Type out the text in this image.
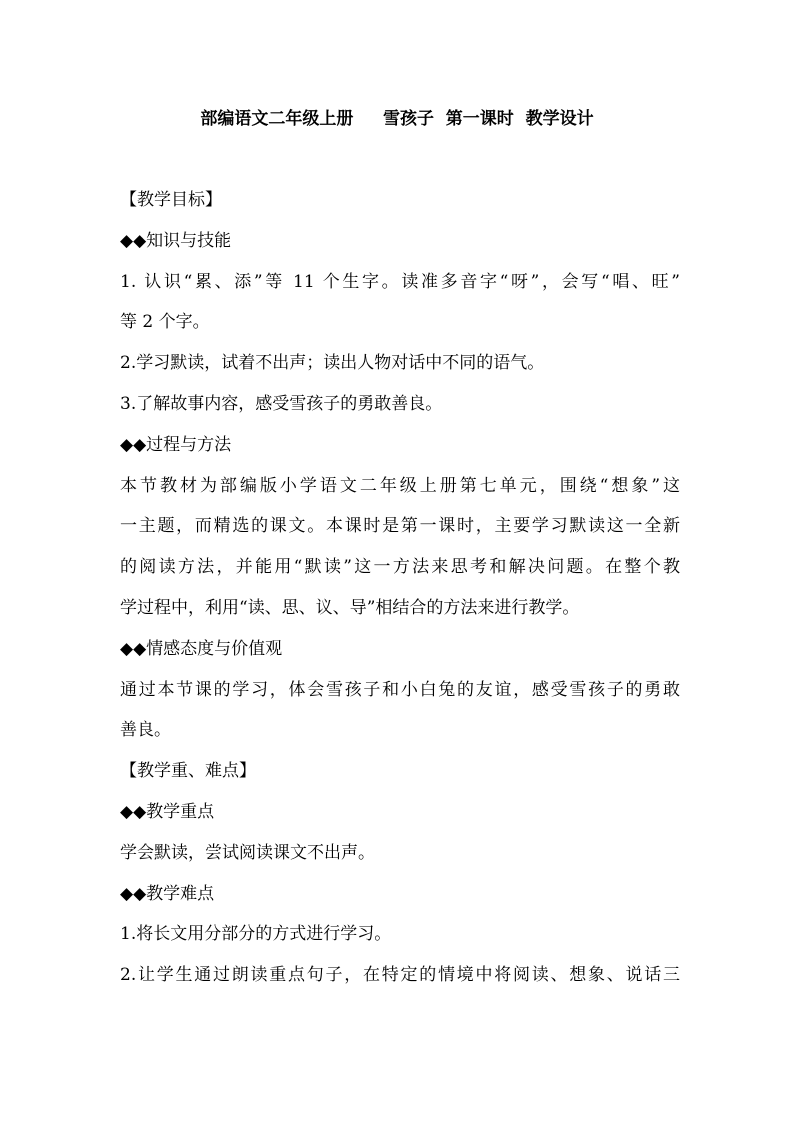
部编语文二年级上册     雪孩子  第一课时  教学设计
【教学目标】
◆◆知识与技能
1. 认识“累、添”等 11 个生字。读准多音字“呀”，会写“唱、旺”
等 2 个字。
2.学习默读，试着不出声；读出人物对话中不同的语气。
3.了解故事内容，感受雪孩子的勇敢善良。
◆◆过程与方法
本节教材为部编版小学语文二年级上册第七单元，围绕“想象”这
一主题，而精选的课文。本课时是第一课时，主要学习默读这一全新
的阅读方法，并能用“默读”这一方法来思考和解决问题。在整个教
学过程中，利用“读、思、议、导”相结合的方法来进行教学。
◆◆情感态度与价值观
通过本节课的学习，体会雪孩子和小白兔的友谊，感受雪孩子的勇敢
善良。
【教学重、难点】
◆◆教学重点
学会默读，尝试阅读课文不出声。
◆◆教学难点
1.将长文用分部分的方式进行学习。
2.让学生通过朗读重点句子，在特定的情境中将阅读、想象、说话三
